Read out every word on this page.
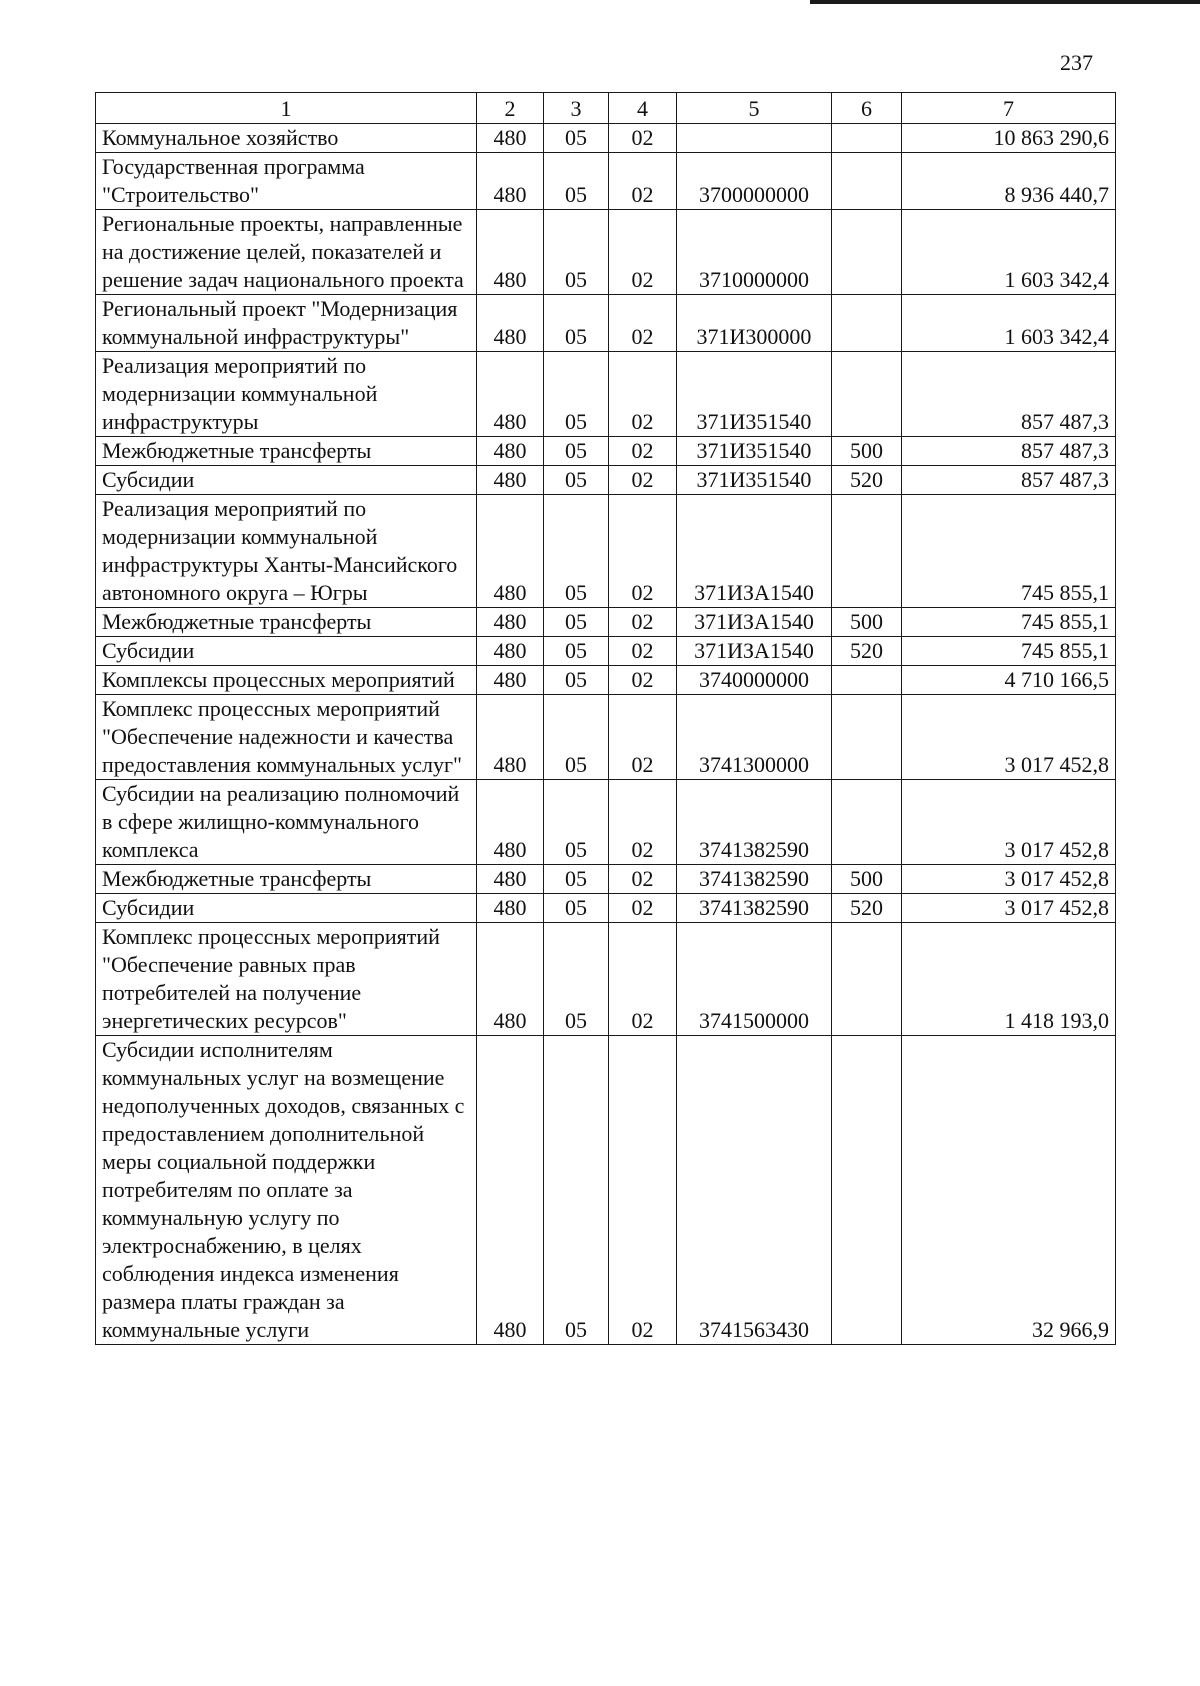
237
1	2	3	4	5	6	7
Коммунальное хозяйство	480	05	02			10 863 290,6
Государственная программа "Строительство"	480	05	02	3700000000		8 936 440,7
Региональные проекты, направленные на достижение целей, показателей и решение задач национального проекта	480	05	02	3710000000		1 603 342,4
Региональный проект "Модернизация коммунальной инфраструктуры"	480	05	02	371И300000		1 603 342,4
Реализация мероприятий по модернизации коммунальной инфраструктуры	480	05	02	371И351540		857 487,3
Межбюджетные трансферты	480	05	02	371И351540	500	857 487,3
Субсидии	480	05	02	371И351540	520	857 487,3
Реализация мероприятий по модернизации коммунальной инфраструктуры Ханты-Мансийского автономного округа – Югры	480	05	02	371ИЗА1540		745 855,1
Межбюджетные трансферты	480	05	02	371ИЗА1540	500	745 855,1
Субсидии	480	05	02	371ИЗА1540	520	745 855,1
Комплексы процессных мероприятий	480	05	02	3740000000		4 710 166,5
Комплекс процессных мероприятий "Обеспечение надежности и качества предоставления коммунальных услуг"	480	05	02	3741300000		3 017 452,8
Субсидии на реализацию полномочий в сфере жилищно-коммунального комплекса	480	05	02	3741382590		3 017 452,8
Межбюджетные трансферты	480	05	02	3741382590	500	3 017 452,8
Субсидии	480	05	02	3741382590	520	3 017 452,8
Комплекс процессных мероприятий "Обеспечение равных прав потребителей на получение энергетических ресурсов"	480	05	02	3741500000		1 418 193,0
Субсидии исполнителям коммунальных услуг на возмещение недополученных доходов, связанных с предоставлением дополнительной меры социальной поддержки потребителям по оплате за коммунальную услугу по электроснабжению, в целях соблюдения индекса изменения размера платы граждан за коммунальные услуги	480	05	02	3741563430		32 966,9
